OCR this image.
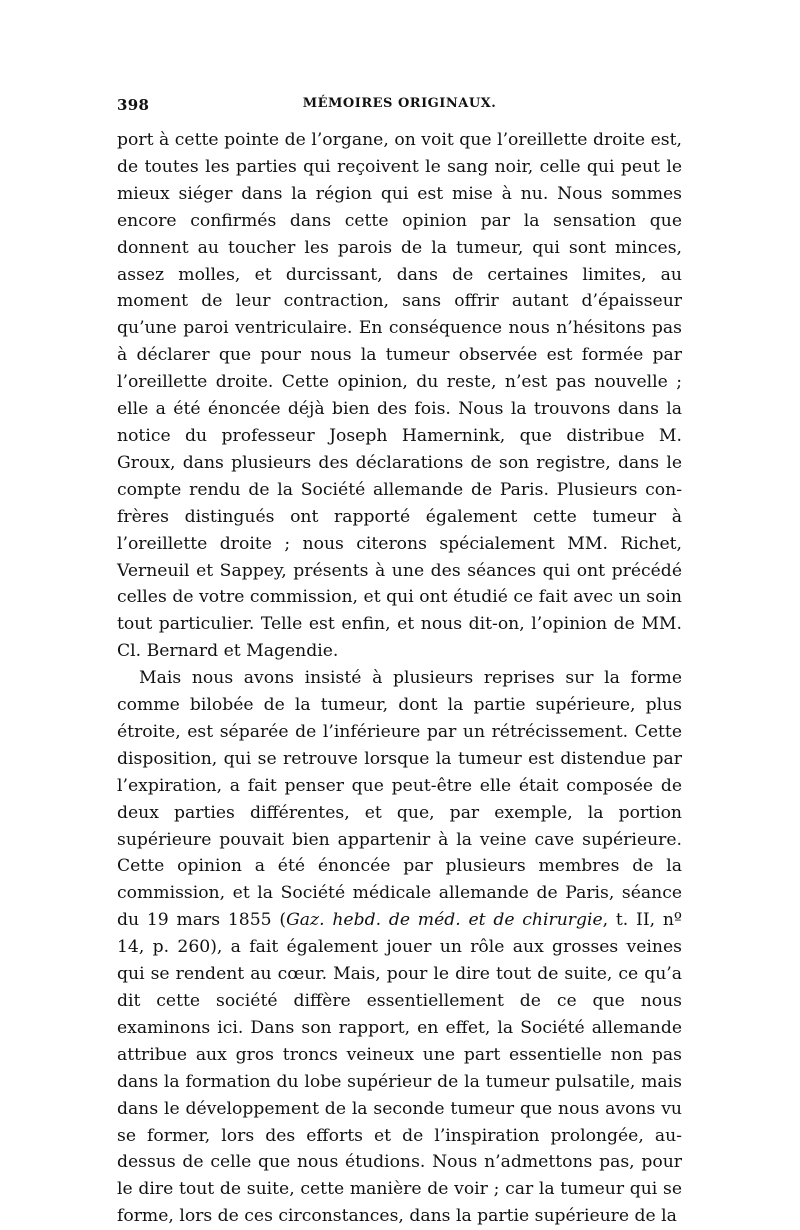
398	MÉMOIRES ORIGINAUX.

port à cette pointe de l’organe, on voit que l’oreillette droite est, de toutes les parties qui reçoivent le sang noir, celle qui peut le mieux siéger dans la région qui est mise à nu. Nous sommes encore confirmés dans cette opinion par la sensation que donnent au toucher les parois de la tumeur, qui sont minces, assez molles, et durcissant, dans de certaines limites, au moment de leur contraction, sans offrir autant d’épaisseur qu’une paroi ventriculaire. En conséquence nous n’hésitons pas à déclarer que pour nous la tumeur observée est formée par l’oreillette droite. Cette opinion, du reste, n’est pas nouvelle ; elle a été énoncée déjà bien des fois. Nous la trouvons dans la notice du professeur Joseph Hamernink, que distribue M. Groux, dans plusieurs des déclarations de son registre, dans le compte rendu de la Société allemande de Paris. Plusieurs confrères distingués ont rapporté également cette tumeur à l’oreillette droite ; nous citerons spécialement MM. Richet, Verneuil et Sappey, présents à une des séances qui ont précédé celles de votre commission, et qui ont étudié ce fait avec un soin tout particulier. Telle est enfin, et nous dit-on, l’opinion de MM. Cl. Bernard et Magendie.

Mais nous avons insisté à plusieurs reprises sur la forme comme bilobée de la tumeur, dont la partie supérieure, plus étroite, est séparée de l’inférieure par un rétrécissement. Cette disposition, qui se retrouve lorsque la tumeur est distendue par l’expiration, a fait penser que peut-être elle était composée de deux parties différentes, et que, par exemple, la portion supérieure pouvait bien appartenir à la veine cave supérieure. Cette opinion a été énoncée par plusieurs membres de la commission, et la Société médicale allemande de Paris, séance du 19 mars 1855 (Gaz. hebd. de méd. et de chirurgie, t. II, nº 14, p. 260), a fait également jouer un rôle aux grosses veines qui se rendent au cœur. Mais, pour le dire tout de suite, ce qu’a dit cette société diffère essentiellement de ce que nous examinons ici. Dans son rapport, en effet, la Société allemande attribue aux gros troncs veineux une part essentielle non pas dans la formation du lobe supérieur de la tumeur pulsatile, mais dans le développement de la seconde tumeur que nous avons vu se former, lors des efforts et de l’inspiration prolongée, au-dessus de celle que nous étudions. Nous n’admettons pas, pour le dire tout de suite, cette manière de voir ; car la tumeur qui se forme, lors de ces circonstances, dans la partie supérieure de la
